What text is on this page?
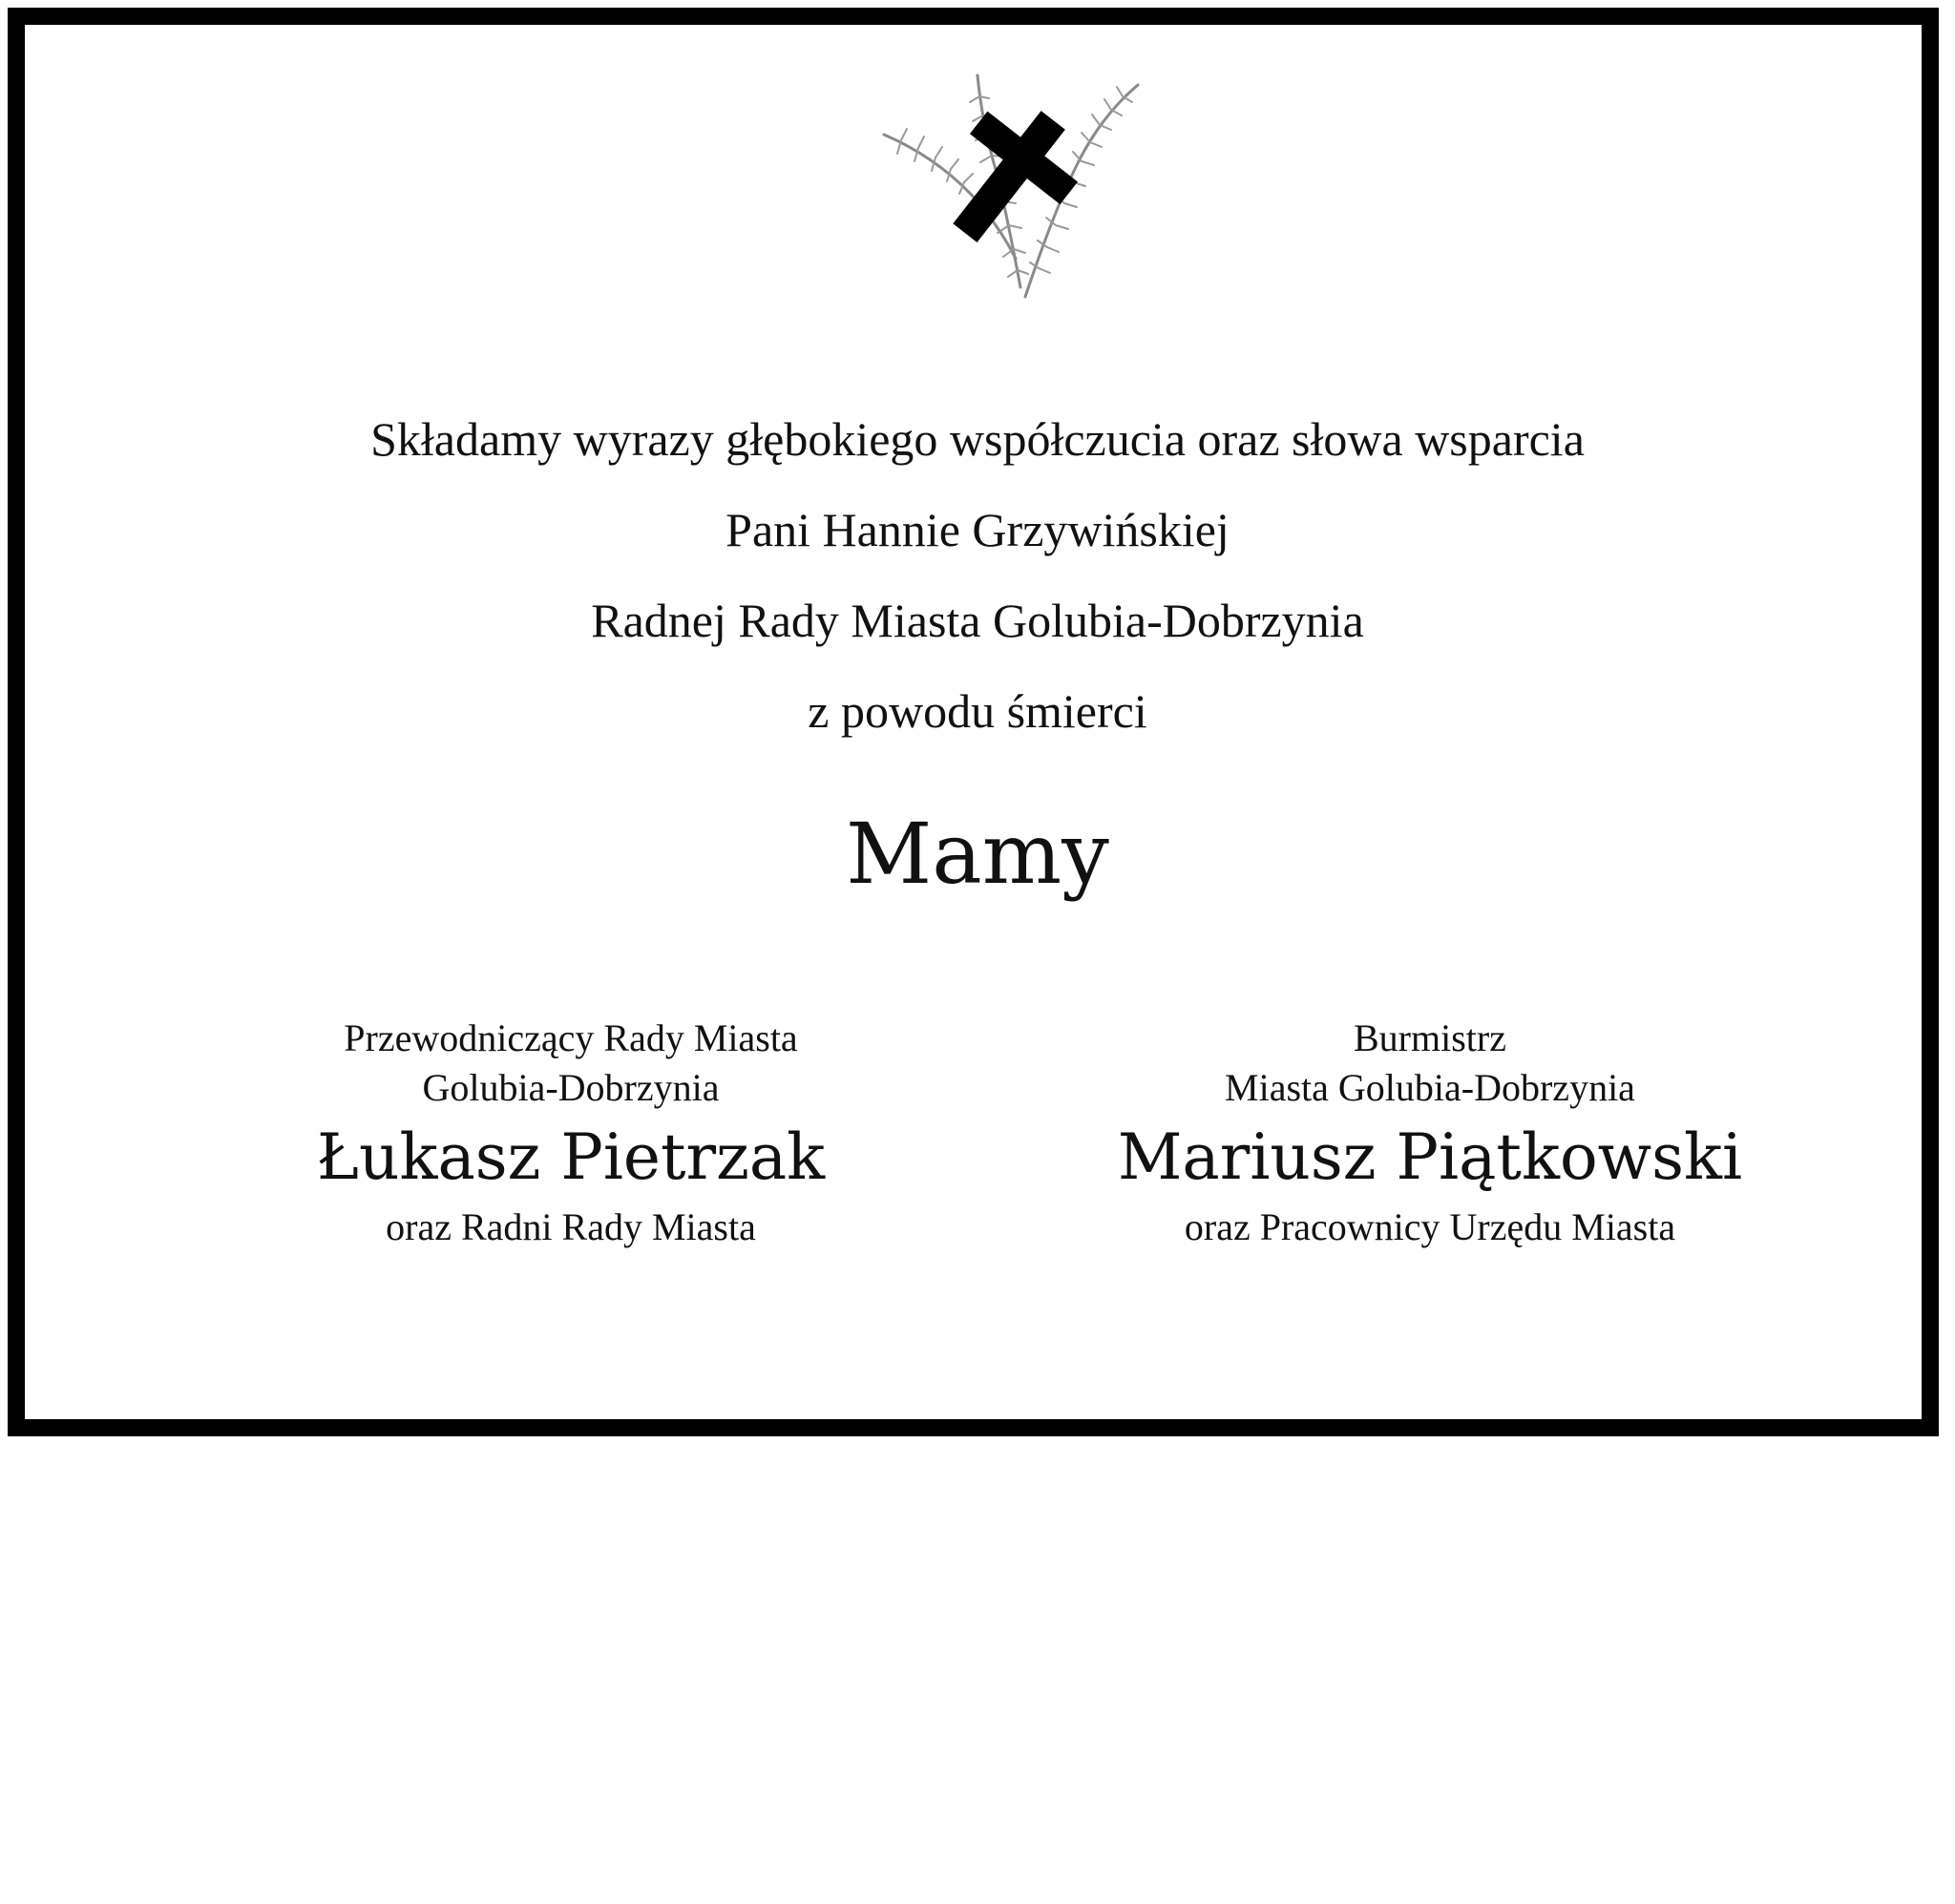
Składamy wyrazy głębokiego współczucia oraz słowa wsparcia
Pani Hannie Grzywińskiej
Radnej Rady Miasta Golubia-Dobrzynia
z powodu śmierci
Mamy
Przewodniczący Rady Miasta
Golubia-Dobrzynia
Łukasz Pietrzak
oraz Radni Rady Miasta
Burmistrz
Miasta Golubia-Dobrzynia
Mariusz Piątkowski
oraz Pracownicy Urzędu Miasta
